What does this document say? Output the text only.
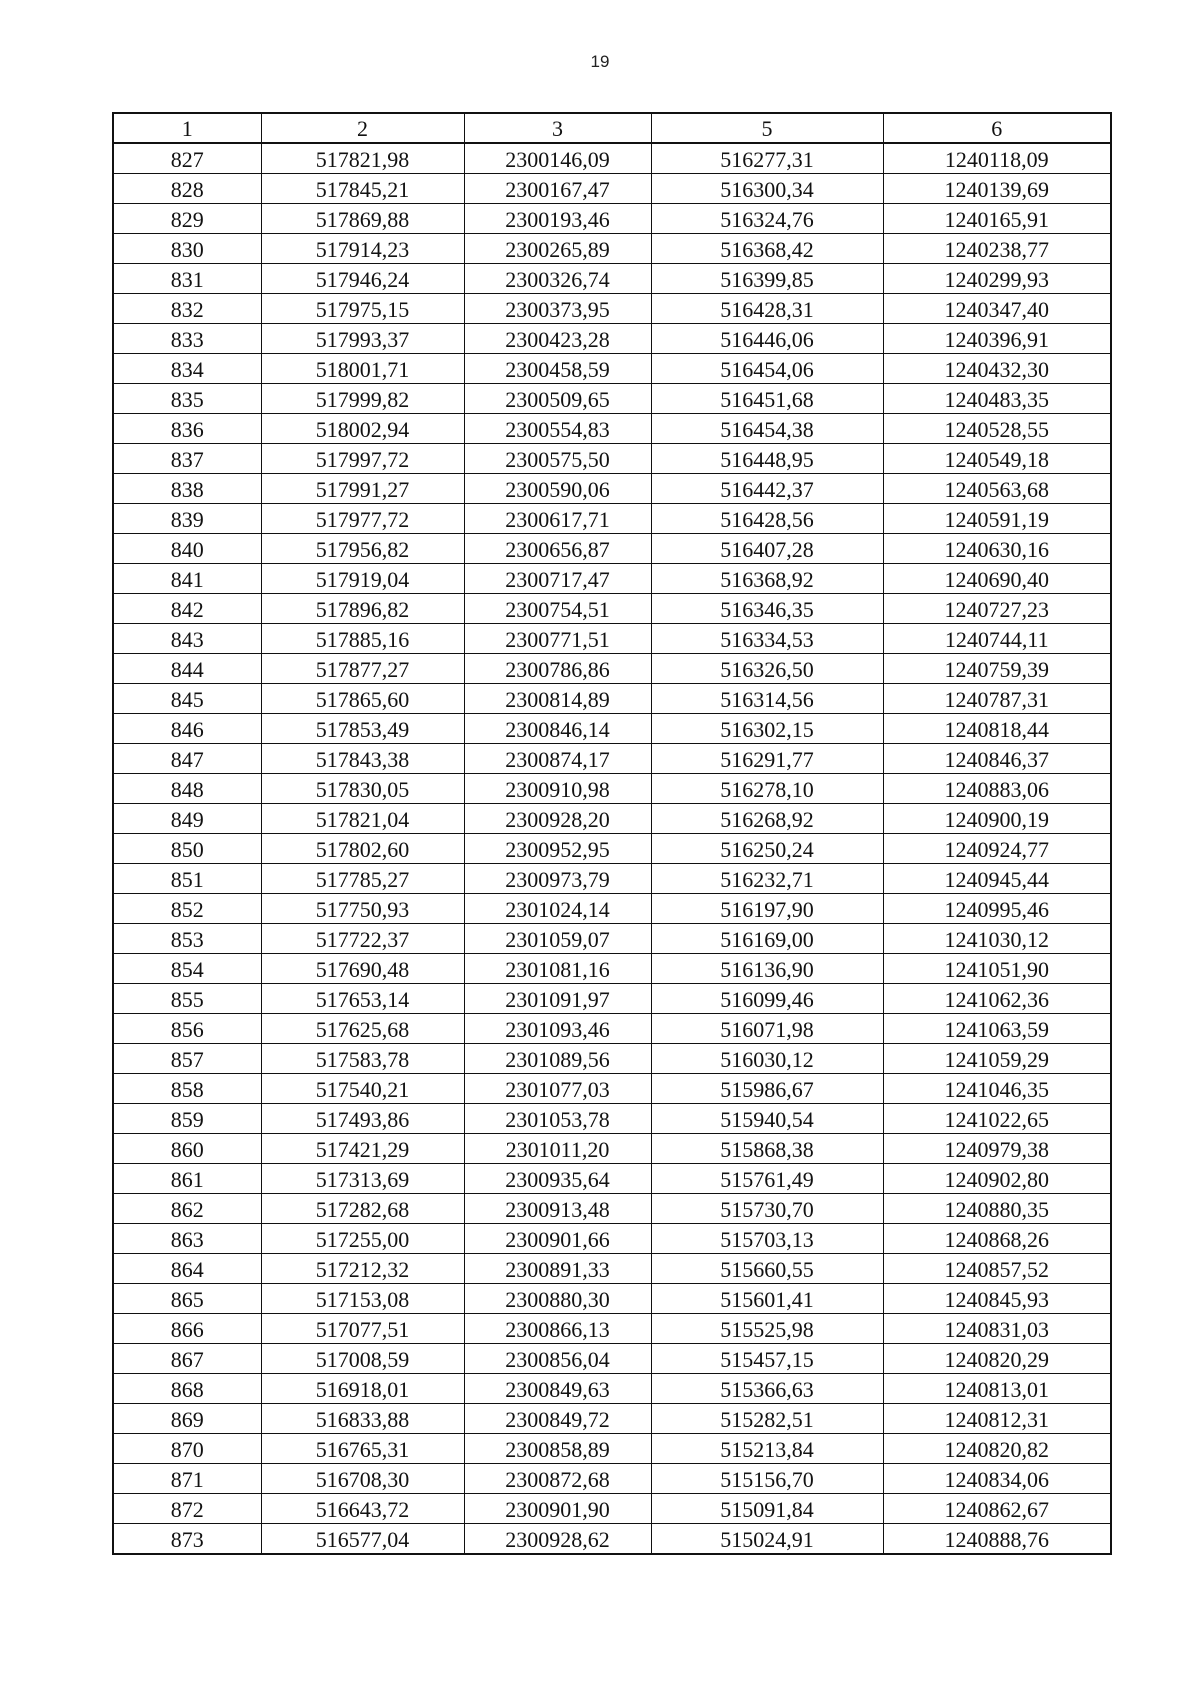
19
1	2	3	5	6
827	517821,98	2300146,09	516277,31	1240118,09
828	517845,21	2300167,47	516300,34	1240139,69
829	517869,88	2300193,46	516324,76	1240165,91
830	517914,23	2300265,89	516368,42	1240238,77
831	517946,24	2300326,74	516399,85	1240299,93
832	517975,15	2300373,95	516428,31	1240347,40
833	517993,37	2300423,28	516446,06	1240396,91
834	518001,71	2300458,59	516454,06	1240432,30
835	517999,82	2300509,65	516451,68	1240483,35
836	518002,94	2300554,83	516454,38	1240528,55
837	517997,72	2300575,50	516448,95	1240549,18
838	517991,27	2300590,06	516442,37	1240563,68
839	517977,72	2300617,71	516428,56	1240591,19
840	517956,82	2300656,87	516407,28	1240630,16
841	517919,04	2300717,47	516368,92	1240690,40
842	517896,82	2300754,51	516346,35	1240727,23
843	517885,16	2300771,51	516334,53	1240744,11
844	517877,27	2300786,86	516326,50	1240759,39
845	517865,60	2300814,89	516314,56	1240787,31
846	517853,49	2300846,14	516302,15	1240818,44
847	517843,38	2300874,17	516291,77	1240846,37
848	517830,05	2300910,98	516278,10	1240883,06
849	517821,04	2300928,20	516268,92	1240900,19
850	517802,60	2300952,95	516250,24	1240924,77
851	517785,27	2300973,79	516232,71	1240945,44
852	517750,93	2301024,14	516197,90	1240995,46
853	517722,37	2301059,07	516169,00	1241030,12
854	517690,48	2301081,16	516136,90	1241051,90
855	517653,14	2301091,97	516099,46	1241062,36
856	517625,68	2301093,46	516071,98	1241063,59
857	517583,78	2301089,56	516030,12	1241059,29
858	517540,21	2301077,03	515986,67	1241046,35
859	517493,86	2301053,78	515940,54	1241022,65
860	517421,29	2301011,20	515868,38	1240979,38
861	517313,69	2300935,64	515761,49	1240902,80
862	517282,68	2300913,48	515730,70	1240880,35
863	517255,00	2300901,66	515703,13	1240868,26
864	517212,32	2300891,33	515660,55	1240857,52
865	517153,08	2300880,30	515601,41	1240845,93
866	517077,51	2300866,13	515525,98	1240831,03
867	517008,59	2300856,04	515457,15	1240820,29
868	516918,01	2300849,63	515366,63	1240813,01
869	516833,88	2300849,72	515282,51	1240812,31
870	516765,31	2300858,89	515213,84	1240820,82
871	516708,30	2300872,68	515156,70	1240834,06
872	516643,72	2300901,90	515091,84	1240862,67
873	516577,04	2300928,62	515024,91	1240888,76
